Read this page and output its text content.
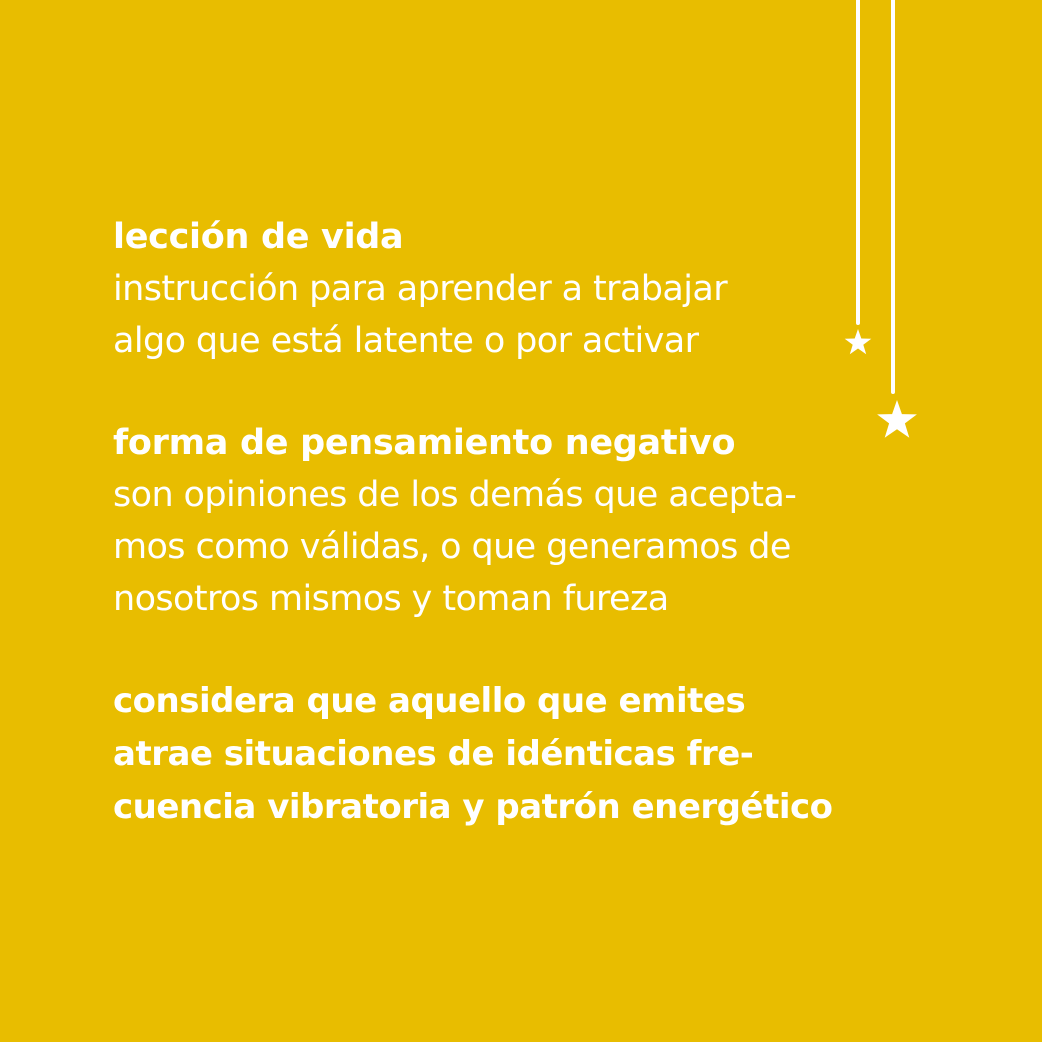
lección de vida
instrucción para aprender a trabajar
algo que está latente o por activar
forma de pensamiento negativo
son opiniones de los demás que acepta-
mos como válidas, o que generamos de
nosotros mismos y toman fureza
considera que aquello que emites
atrae situaciones de idénticas fre-
cuencia vibratoria y patrón energético
